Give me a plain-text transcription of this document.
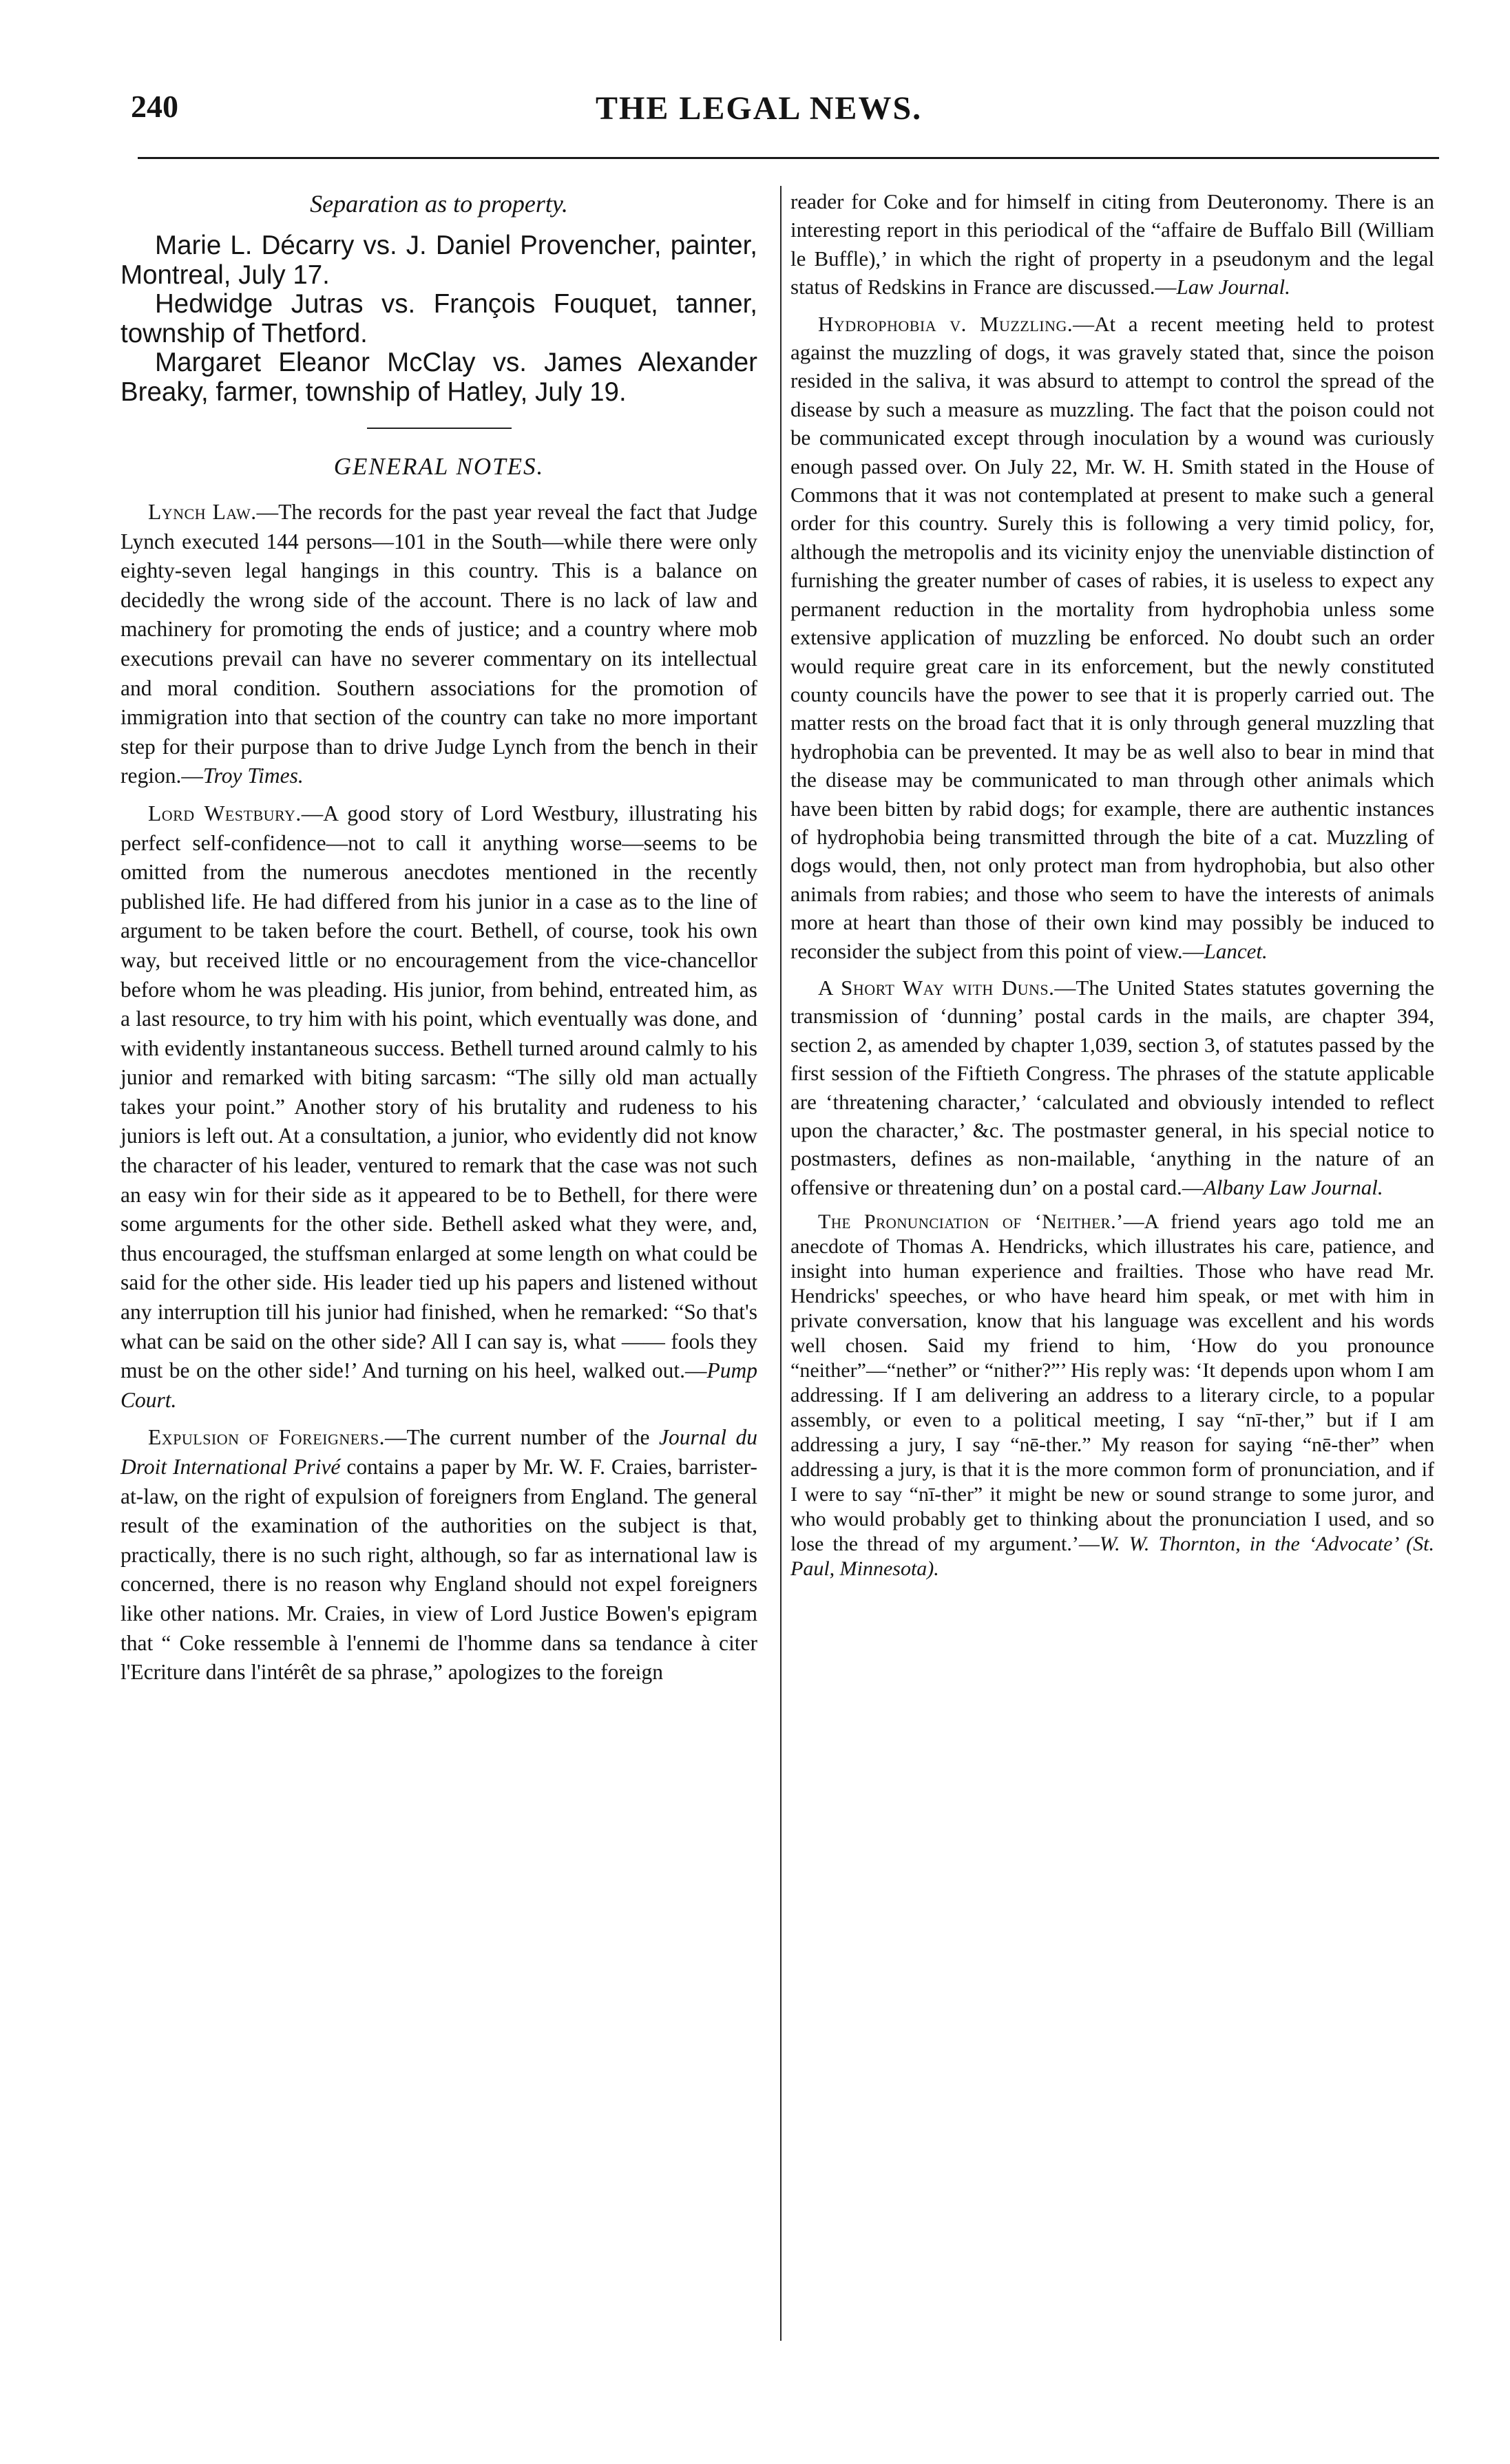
240	THE LEGAL NEWS.

Separation as to property.

Marie L. Décarry vs. J. Daniel Provencher, painter, Montreal, July 17.

Hedwidge Jutras vs. François Fouquet, tanner, township of Thetford.

Margaret Eleanor McClay vs. James Alexander Breaky, farmer, township of Hatley, July 19.

GENERAL NOTES.

Lynch Law.—The records for the past year reveal the fact that Judge Lynch executed 144 persons—101 in the South—while there were only eighty-seven legal hangings in this country. This is a balance on decidedly the wrong side of the account. There is no lack of law and machinery for promoting the ends of justice; and a country where mob executions prevail can have no severer commentary on its intellectual and moral condition. Southern associations for the promotion of immigration into that section of the country can take no more important step for their purpose than to drive Judge Lynch from the bench in their region.—Troy Times.

Lord Westbury.—A good story of Lord Westbury, illustrating his perfect self-confidence—not to call it anything worse—seems to be omitted from the numerous anecdotes mentioned in the recently published life. He had differed from his junior in a case as to the line of argument to be taken before the court. Bethell, of course, took his own way, but received little or no encouragement from the vice-chancellor before whom he was pleading. His junior, from behind, entreated him, as a last resource, to try him with his point, which eventually was done, and with evidently instantaneous success. Bethell turned around calmly to his junior and remarked with biting sarcasm: “The silly old man actually takes your point.” Another story of his brutality and rudeness to his juniors is left out. At a consultation, a junior, who evidently did not know the character of his leader, ventured to remark that the case was not such an easy win for their side as it appeared to be to Bethell, for there were some arguments for the other side. Bethell asked what they were, and, thus encouraged, the stuffsman enlarged at some length on what could be said for the other side. His leader tied up his papers and listened without any interruption till his junior had finished, when he remarked: “So that's what can be said on the other side? All I can say is, what —— fools they must be on the other side!’ And turning on his heel, walked out.—Pump Court.

Expulsion of Foreigners.—The current number of the Journal du Droit International Privé contains a paper by Mr. W. F. Craies, barrister-at-law, on the right of expulsion of foreigners from England. The general result of the examination of the authorities on the subject is that, practically, there is no such right, although, so far as international law is concerned, there is no reason why England should not expel foreigners like other nations. Mr. Craies, in view of Lord Justice Bowen's epigram that “ Coke ressemble à l'ennemi de l'homme dans sa tendance à citer l'Ecriture dans l'intérêt de sa phrase,” apologizes to the foreign

reader for Coke and for himself in citing from Deuteronomy. There is an interesting report in this periodical of the “affaire de Buffalo Bill (William le Buffle),’ in which the right of property in a pseudonym and the legal status of Redskins in France are discussed.—Law Journal.

Hydrophobia v. Muzzling.—At a recent meeting held to protest against the muzzling of dogs, it was gravely stated that, since the poison resided in the saliva, it was absurd to attempt to control the spread of the disease by such a measure as muzzling. The fact that the poison could not be communicated except through inoculation by a wound was curiously enough passed over. On July 22, Mr. W. H. Smith stated in the House of Commons that it was not contemplated at present to make such a general order for this country. Surely this is following a very timid policy, for, although the metropolis and its vicinity enjoy the unenviable distinction of furnishing the greater number of cases of rabies, it is useless to expect any permanent reduction in the mortality from hydrophobia unless some extensive application of muzzling be enforced. No doubt such an order would require great care in its enforcement, but the newly constituted county councils have the power to see that it is properly carried out. The matter rests on the broad fact that it is only through general muzzling that hydrophobia can be prevented. It may be as well also to bear in mind that the disease may be communicated to man through other animals which have been bitten by rabid dogs; for example, there are authentic instances of hydrophobia being transmitted through the bite of a cat. Muzzling of dogs would, then, not only protect man from hydrophobia, but also other animals from rabies; and those who seem to have the interests of animals more at heart than those of their own kind may possibly be induced to reconsider the subject from this point of view.—Lancet.

A Short Way with Duns.—The United States statutes governing the transmission of ‘dunning’ postal cards in the mails, are chapter 394, section 2, as amended by chapter 1,039, section 3, of statutes passed by the first session of the Fiftieth Congress. The phrases of the statute applicable are ‘threatening character,’ ‘calculated and obviously intended to reflect upon the character,’ &c. The postmaster general, in his special notice to postmasters, defines as non-mailable, ‘anything in the nature of an offensive or threatening dun’ on a postal card.—Albany Law Journal.

The Pronunciation of ‘Neither.’—A friend years ago told me an anecdote of Thomas A. Hendricks, which illustrates his care, patience, and insight into human experience and frailties. Those who have read Mr. Hendricks' speeches, or who have heard him speak, or met with him in private conversation, know that his language was excellent and his words well chosen. Said my friend to him, ‘How do you pronounce “neither”—“nether” or “nither?”’ His reply was: ‘It depends upon whom I am addressing. If I am delivering an address to a literary circle, to a popular assembly, or even to a political meeting, I say “nī-ther,” but if I am addressing a jury, I say “nē-ther.” My reason for saying “nē-ther” when addressing a jury, is that it is the more common form of pronunciation, and if I were to say “nī-ther” it might be new or sound strange to some juror, and who would probably get to thinking about the pronunciation I used, and so lose the thread of my argument.’—W. W. Thornton, in the ‘Advocate’ (St. Paul, Minnesota).
